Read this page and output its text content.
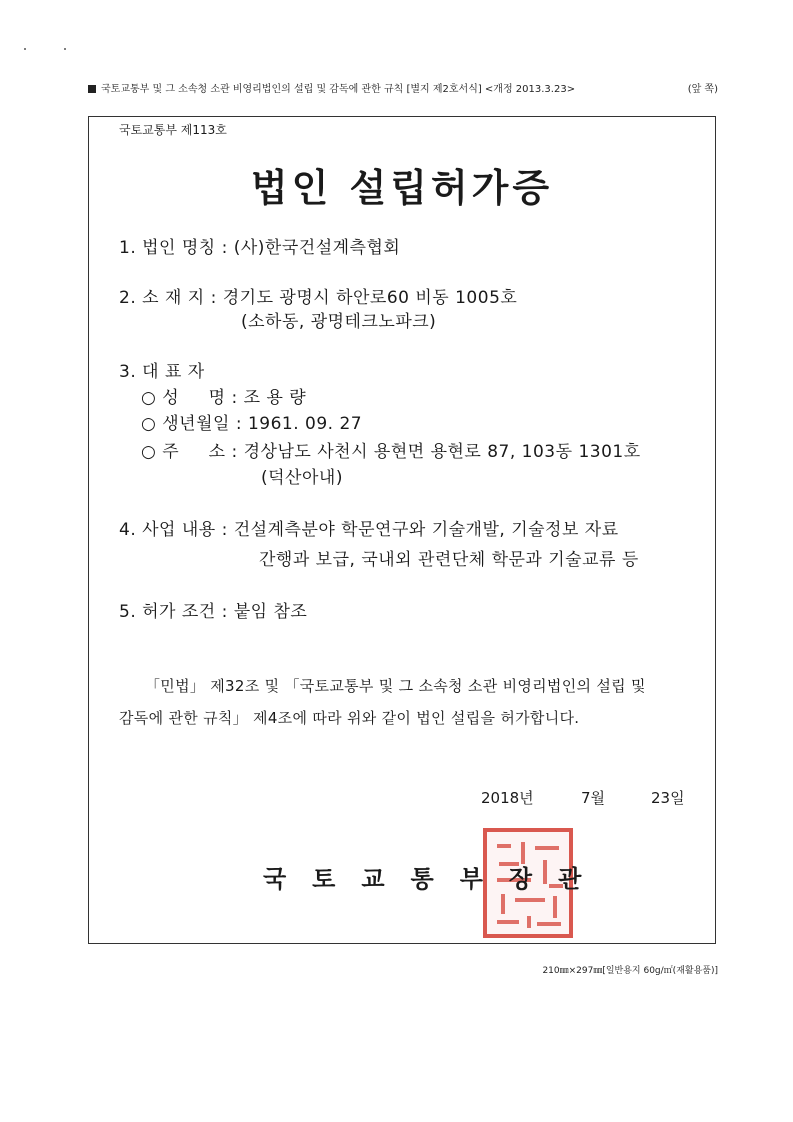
국토교통부 및 그 소속청 소관 비영리법인의 설립 및 감독에 관한 규칙 [별지 제2호서식] <개정 2013.3.23>	(앞 쪽)
국토교통부 제113호
법인 설립허가증
1. 법인 명칭 : (사)한국건설계측협회
2. 소 재 지 : 경기도 광명시 하안로60 비동 1005호
(소하동, 광명테크노파크)
3. 대 표 자
○ 성     명 : 조 용 량
○ 생년월일 : 1961. 09. 27
○ 주     소 : 경상남도 사천시 용현면 용현로 87, 103동 1301호
(덕산아내)
4. 사업 내용 : 건설계측분야 학문연구와 기술개발, 기술정보 자료
간행과 보급, 국내외 관련단체 학문과 기술교류 등
5. 허가 조건 : 붙임 참조
「민법」 제32조 및 「국토교통부 및 그 소속청 소관 비영리법인의 설립 및
감독에 관한 규칙」 제4조에 따라 위와 같이 법인 설립을 허가합니다.
2018년	7월	23일
국토교통부장관
210㎜×297㎜[일반용지 60g/㎡(재활용품)]
